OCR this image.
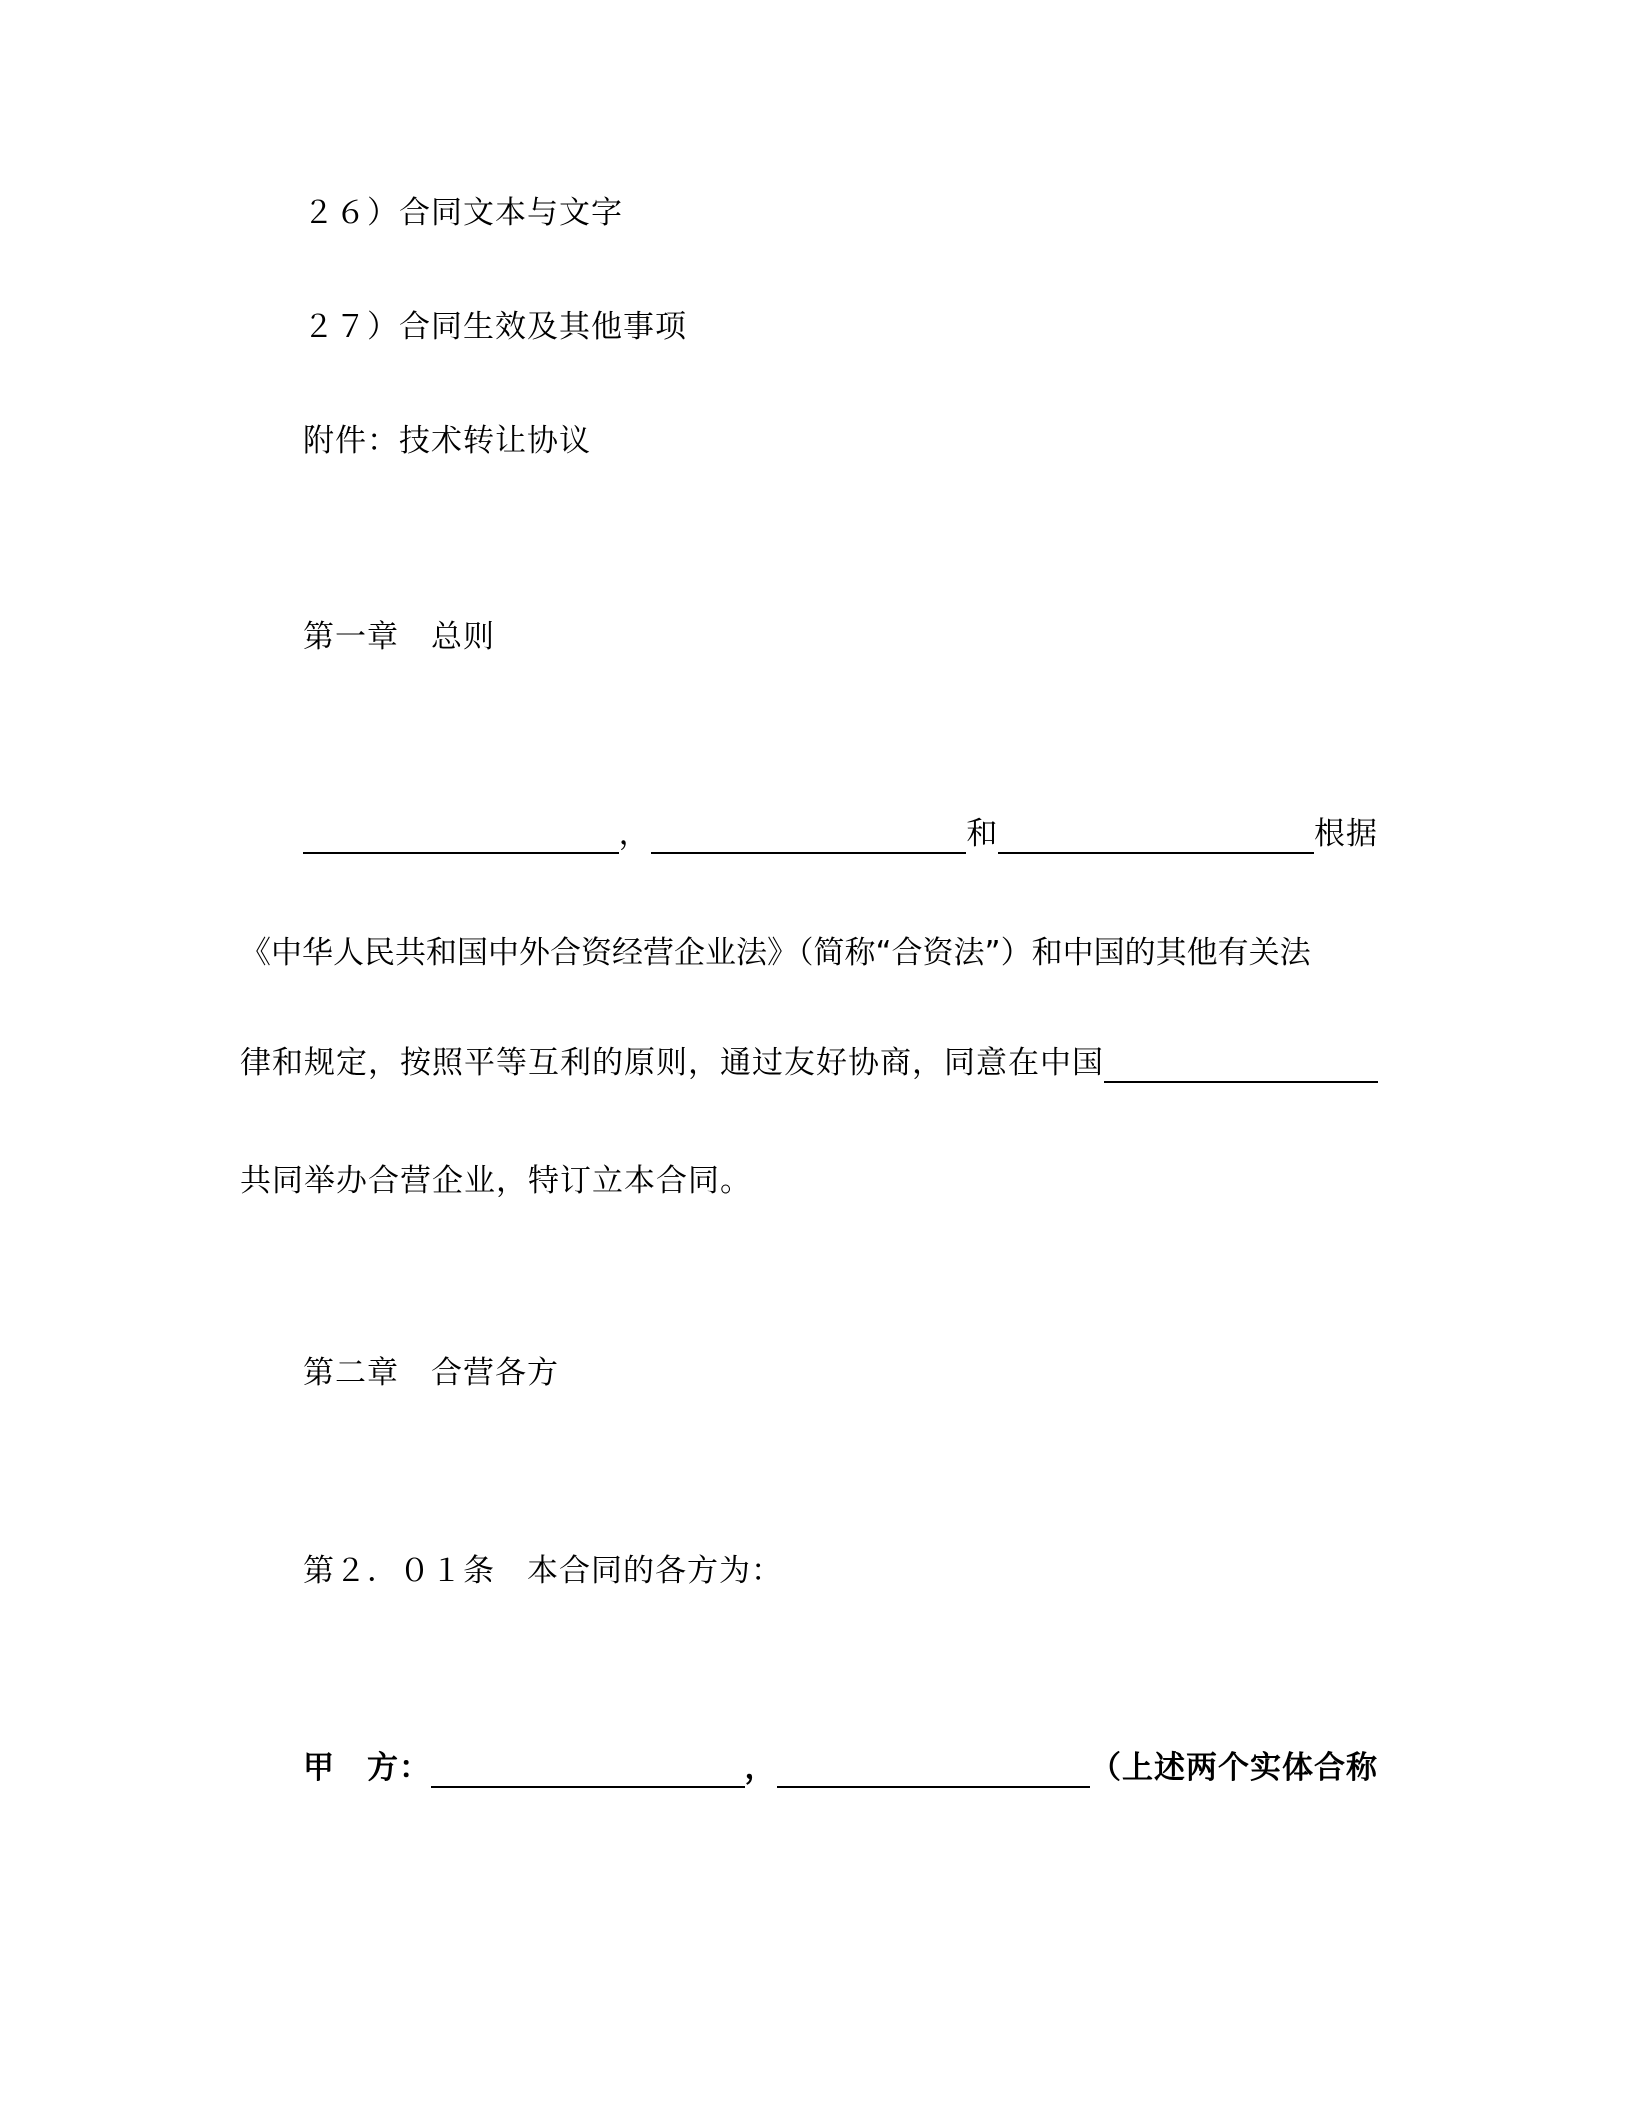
２６）合同文本与文字
２７）合同生效及其他事项
附件：技术转让协议
第一章 总则
，	和	根据
《中华人民共和国中外合资经营企业法》（简称“合资法”）和中国的其他有关法
律和规定，按照平等互利的原则，通过友好协商，同意在中国
共同举办合营企业，特订立本合同。
第二章 合营各方
第２．０１条 本合同的各方为：
甲　方：	，	（上述两个实体合称
